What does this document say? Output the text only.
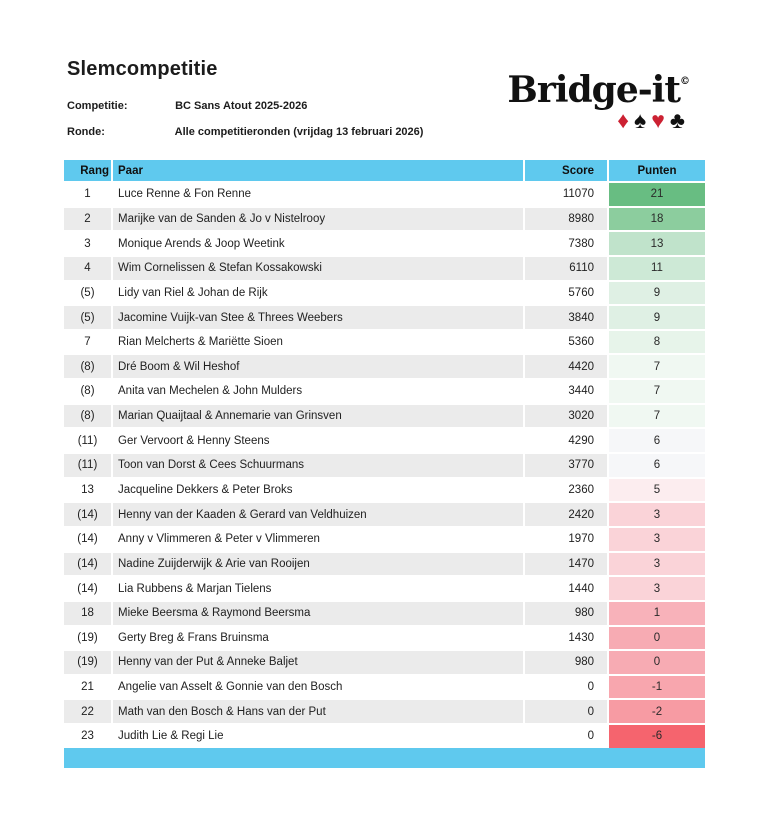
Slemcompetitie
Competitie:	BC Sans Atout 2025-2026
Ronde:	Alle competitieronden (vrijdag 13 februari 2026)
Bridge-it©
♦♠♥♣
Rang	Paar	Score	Punten
1	Luce Renne & Fon Renne	11070	21
2	Marijke van de Sanden & Jo v Nistelrooy	8980	18
3	Monique Arends & Joop Weetink	7380	13
4	Wim Cornelissen & Stefan Kossakowski	6110	11
(5)	Lidy van Riel & Johan de Rijk	5760	9
(5)	Jacomine Vuijk-van Stee & Threes Weebers	3840	9
7	Rian Melcherts & Mariëtte Sioen	5360	8
(8)	Dré Boom & Wil Heshof	4420	7
(8)	Anita van Mechelen & John Mulders	3440	7
(8)	Marian Quaijtaal & Annemarie van Grinsven	3020	7
(11)	Ger Vervoort & Henny Steens	4290	6
(11)	Toon van Dorst & Cees Schuurmans	3770	6
13	Jacqueline Dekkers & Peter Broks	2360	5
(14)	Henny van der Kaaden & Gerard van Veldhuizen	2420	3
(14)	Anny v Vlimmeren & Peter v Vlimmeren	1970	3
(14)	Nadine Zuijderwijk & Arie van Rooijen	1470	3
(14)	Lia Rubbens & Marjan Tielens	1440	3
18	Mieke Beersma & Raymond Beersma	980	1
(19)	Gerty Breg & Frans Bruinsma	1430	0
(19)	Henny van der Put & Anneke Baljet	980	0
21	Angelie van Asselt & Gonnie van den Bosch	0	-1
22	Math van den Bosch & Hans van der Put	0	-2
23	Judith Lie & Regi Lie	0	-6
